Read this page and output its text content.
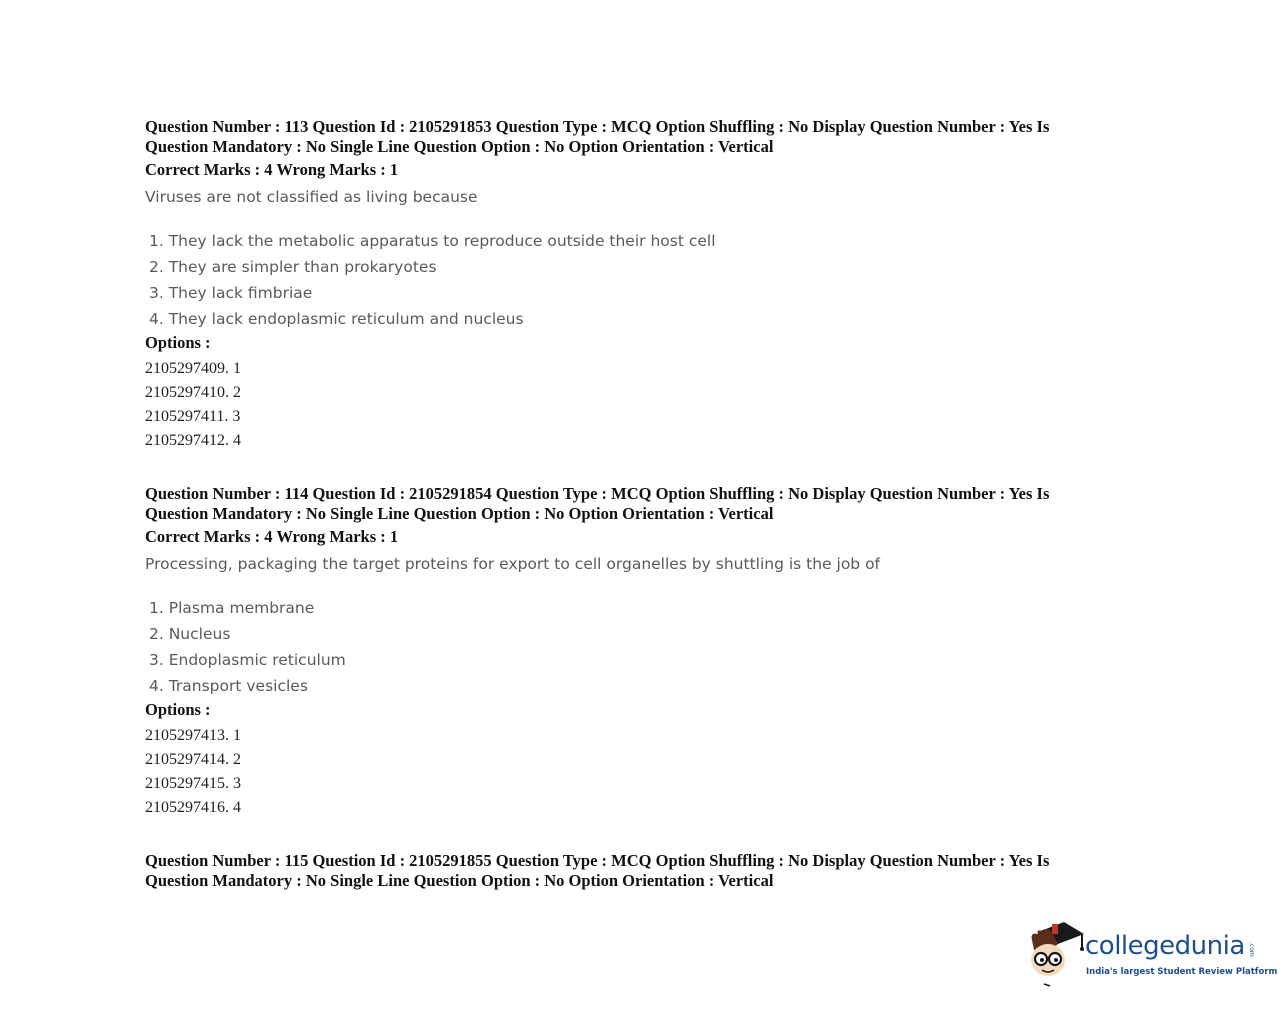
Question Number : 113 Question Id : 2105291853 Question Type : MCQ Option Shuffling : No Display Question Number : Yes Is
Question Mandatory : No Single Line Question Option : No Option Orientation : Vertical
Correct Marks : 4 Wrong Marks : 1
Viruses are not classified as living because
1. They lack the metabolic apparatus to reproduce outside their host cell
2. They are simpler than prokaryotes
3. They lack fimbriae
4. They lack endoplasmic reticulum and nucleus
Options :
2105297409. 1
2105297410. 2
2105297411. 3
2105297412. 4
Question Number : 114 Question Id : 2105291854 Question Type : MCQ Option Shuffling : No Display Question Number : Yes Is
Question Mandatory : No Single Line Question Option : No Option Orientation : Vertical
Correct Marks : 4 Wrong Marks : 1
Processing, packaging the target proteins for export to cell organelles by shuttling is the job of
1. Plasma membrane
2. Nucleus
3. Endoplasmic reticulum
4. Transport vesicles
Options :
2105297413. 1
2105297414. 2
2105297415. 3
2105297416. 4
Question Number : 115 Question Id : 2105291855 Question Type : MCQ Option Shuffling : No Display Question Number : Yes Is
Question Mandatory : No Single Line Question Option : No Option Orientation : Vertical
collegedunia .com
India's largest Student Review Platform
